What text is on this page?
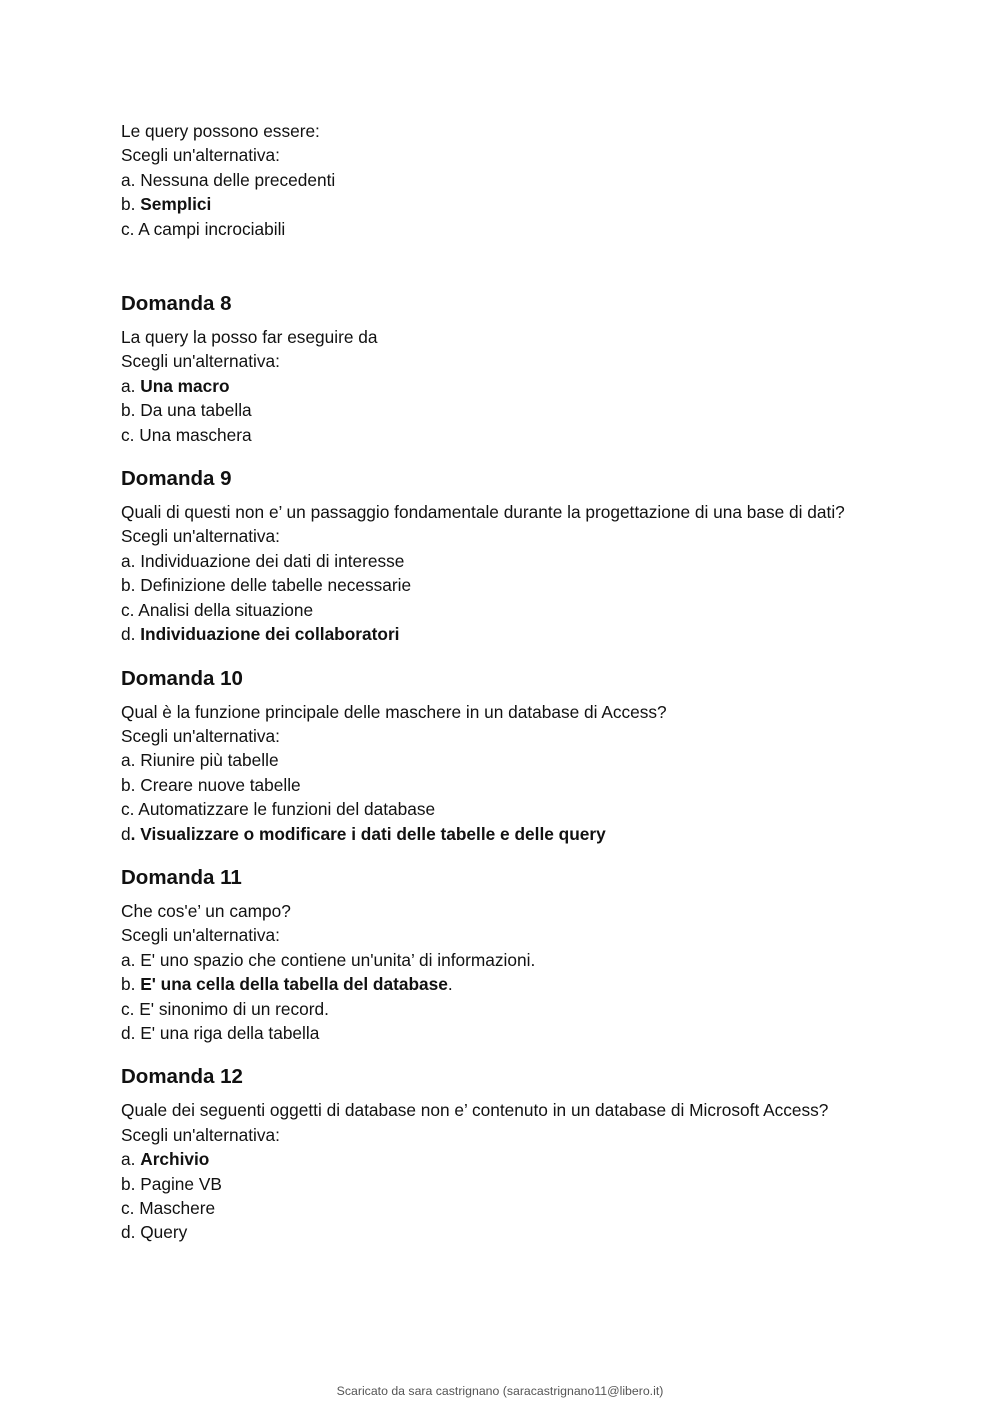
Le query possono essere:

Scegli un'alternativa:

a. Nessuna delle precedenti

b. Semplici

c. A campi incrociabili

Domanda 8

La query la posso far eseguire da

Scegli un'alternativa:

a. Una macro

b. Da una tabella

c. Una maschera

Domanda 9

Quali di questi non e’ un passaggio fondamentale durante la progettazione di una base di dati?

Scegli un'alternativa:

a. Individuazione dei dati di interesse

b. Definizione delle tabelle necessarie

c. Analisi della situazione

d. Individuazione dei collaboratori

Domanda 10

Qual è la funzione principale delle maschere in un database di Access?

Scegli un'alternativa:

a. Riunire più tabelle

b. Creare nuove tabelle

c. Automatizzare le funzioni del database

d. Visualizzare o modificare i dati delle tabelle e delle query

Domanda 11

Che cos'e’ un campo?

Scegli un'alternativa:

a. E' uno spazio che contiene un'unita’ di informazioni.

b. E' una cella della tabella del database.

c. E' sinonimo di un record.

d. E' una riga della tabella

Domanda 12

Quale dei seguenti oggetti di database non e’ contenuto in un database di Microsoft Access?

Scegli un'alternativa:

a. Archivio

b. Pagine VB

c. Maschere

d. Query

Scaricato da sara castrignano (saracastrignano11@libero.it)
